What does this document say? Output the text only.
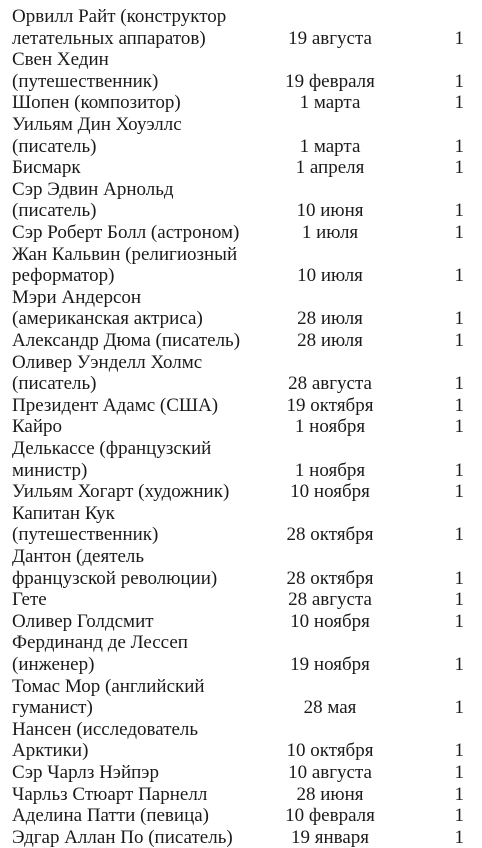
Орвилл Райт (конструктор
летательных аппаратов)	19 августа	1
Свен Хедин
(путешественник)	19 февраля	1
Шопен (композитор)	1 марта	1
Уильям Дин Хоуэллс
(писатель)	1 марта	1
Бисмарк	1 апреля	1
Сэр Эдвин Арнольд
(писатель)	10 июня	1
Сэр Роберт Болл (астроном)	1 июля	1
Жан Кальвин (религиозный
реформатор)	10 июля	1
Мэри Андерсон
(американская актриса)	28 июля	1
Александр Дюма (писатель)	28 июля	1
Оливер Уэнделл Холмс
(писатель)	28 августа	1
Президент Адамс (США)	19 октября	1
Кайро	1 ноября	1
Делькассе (французский
министр)	1 ноября	1
Уильям Хогарт (художник)	10 ноября	1
Капитан Кук
(путешественник)	28 октября	1
Дантон (деятель
французской революции)	28 октября	1
Гете	28 августа	1
Оливер Голдсмит	10 ноября	1
Фердинанд де Лессеп
(инженер)	19 ноября	1
Томас Мор (английский
гуманист)	28 мая	1
Нансен (исследователь
Арктики)	10 октября	1
Сэр Чарлз Нэйпэр	10 августа	1
Чарльз Стюарт Парнелл	28 июня	1
Аделина Патти (певица)	10 февраля	1
Эдгар Аллан По (писатель)	19 января	1
